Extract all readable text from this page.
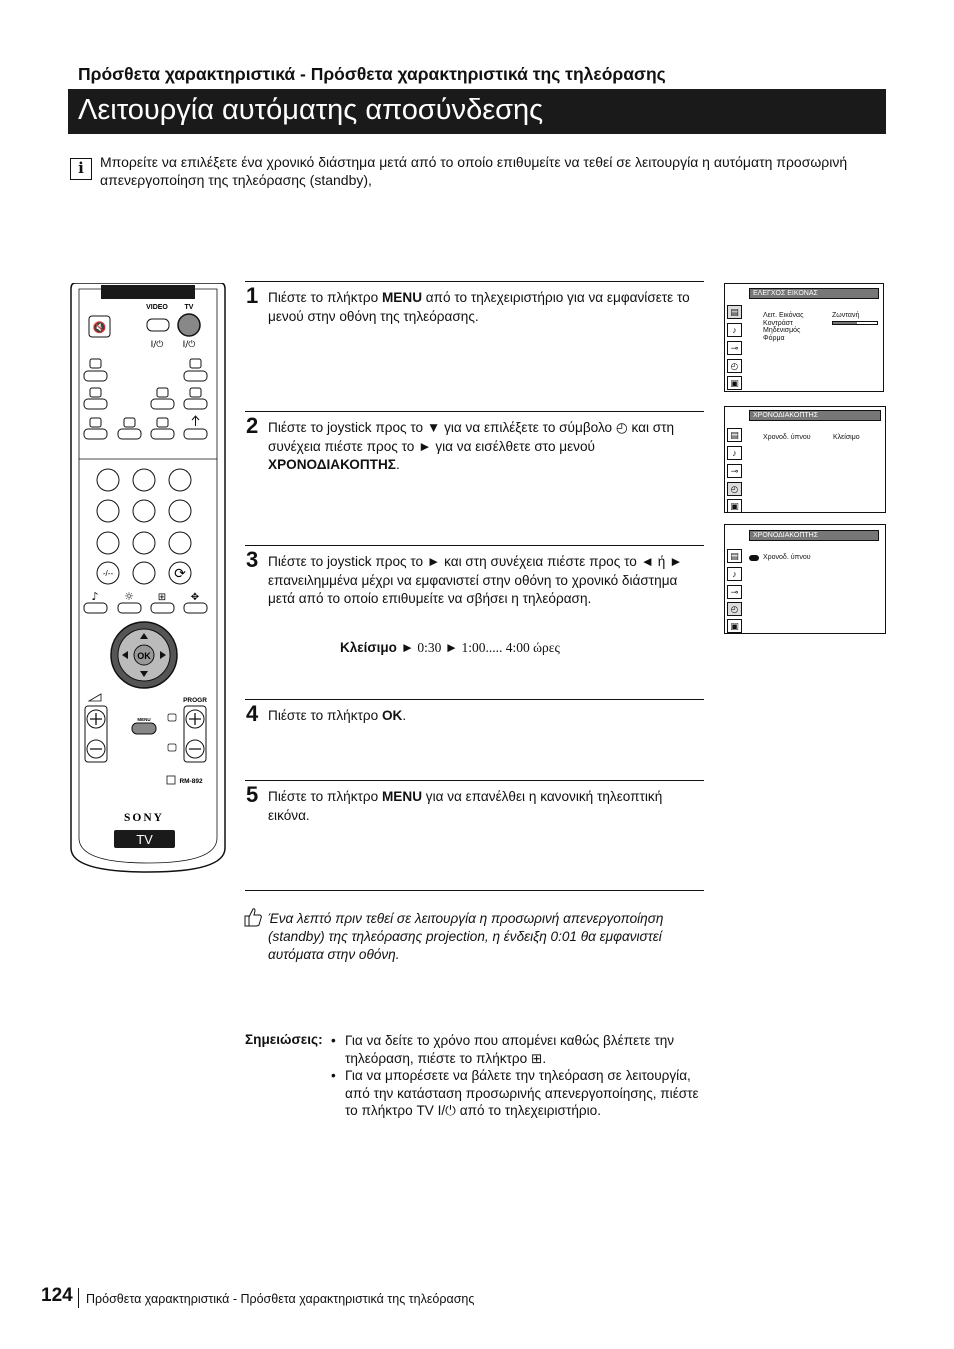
Πρόσθετα χαρακτηριστικά - Πρόσθετα χαρακτηριστικά της τηλεόρασης
Λειτουργία αυτόματης αποσύνδεσης
i	Μπορείτε να επιλέξετε ένα χρονικό διάστημα μετά από το οποίο επιθυμείτε να τεθεί σε λειτουργία η αυτόματη προσωρινή απενεργοποίηση της τηλεόρασης (standby),
🔇
VIDEO TV
I/⏻ I/⏻
-/--	⟳
♪ ☼ ⊞ ✥
OK
PROGR
MENU
RM-892
SONY
TV
1 Πιέστε το πλήκτρο MENU από το τηλεχειριστήριο για να εμφανίσετε το μενού στην οθόνη της τηλεόρασης.
2 Πιέστε το joystick προς το ▼ για να επιλέξετε το σύμβολο ◴ και στη συνέχεια πιέστε προς το ► για να εισέλθετε στο μενού ΧΡΟΝΟΔΙΑΚΟΠΤΗΣ.
3 Πιέστε το joystick προς το ► και στη συνέχεια πιέστε προς το ◄ ή ► επανειλημμένα μέχρι να εμφανιστεί στην οθόνη το χρονικό διάστημα μετά από το οποίο επιθυμείτε να σβήσει η τηλεόραση.
Κλείσιμο ► 0:30 ► 1:00..... 4:00 ώρες
4 Πιέστε το πλήκτρο OK.
5 Πιέστε το πλήκτρο MENU για να επανέλθει η κανονική τηλεοπτική εικόνα.
Ένα λεπτό πριν τεθεί σε λειτουργία η προσωρινή απενεργοποίηση (standby) της τηλεόρασης projection, η ένδειξη 0:01 θα εμφανιστεί αυτόματα στην οθόνη.
Σημειώσεις:
•	Για να δείτε το χρόνο που απομένει καθώς βλέπετε την τηλεόραση, πιέστε το πλήκτρο ⊞.
• Για να μπορέσετε να βάλετε την τηλεόραση σε λειτουργία, από την κατάσταση προσωρινής απενεργοποίησης, πιέστε το πλήκτρο TV I/⏻ από το τηλεχειριστήριο.
▤
♪
⊸
◴
▣
ΕΛΕΓΧΟΣ ΕΙΚΟΝΑΣ
Λειτ. Εικόνας
Κοντράστ
Μηδενισμός
Φόρμα
Ζωντανή
▤
♪
⊸
◴
▣
ΧΡΟΝΟΔΙΑΚΟΠΤΗΣ
Χρονοδ. ύπνου	Κλείσιμο
▤
♪
⊸
◴
▣
ΧΡΟΝΟΔΙΑΚΟΠΤΗΣ
Χρονοδ. ύπνου
124 Πρόσθετα χαρακτηριστικά - Πρόσθετα χαρακτηριστικά της τηλεόρασης
